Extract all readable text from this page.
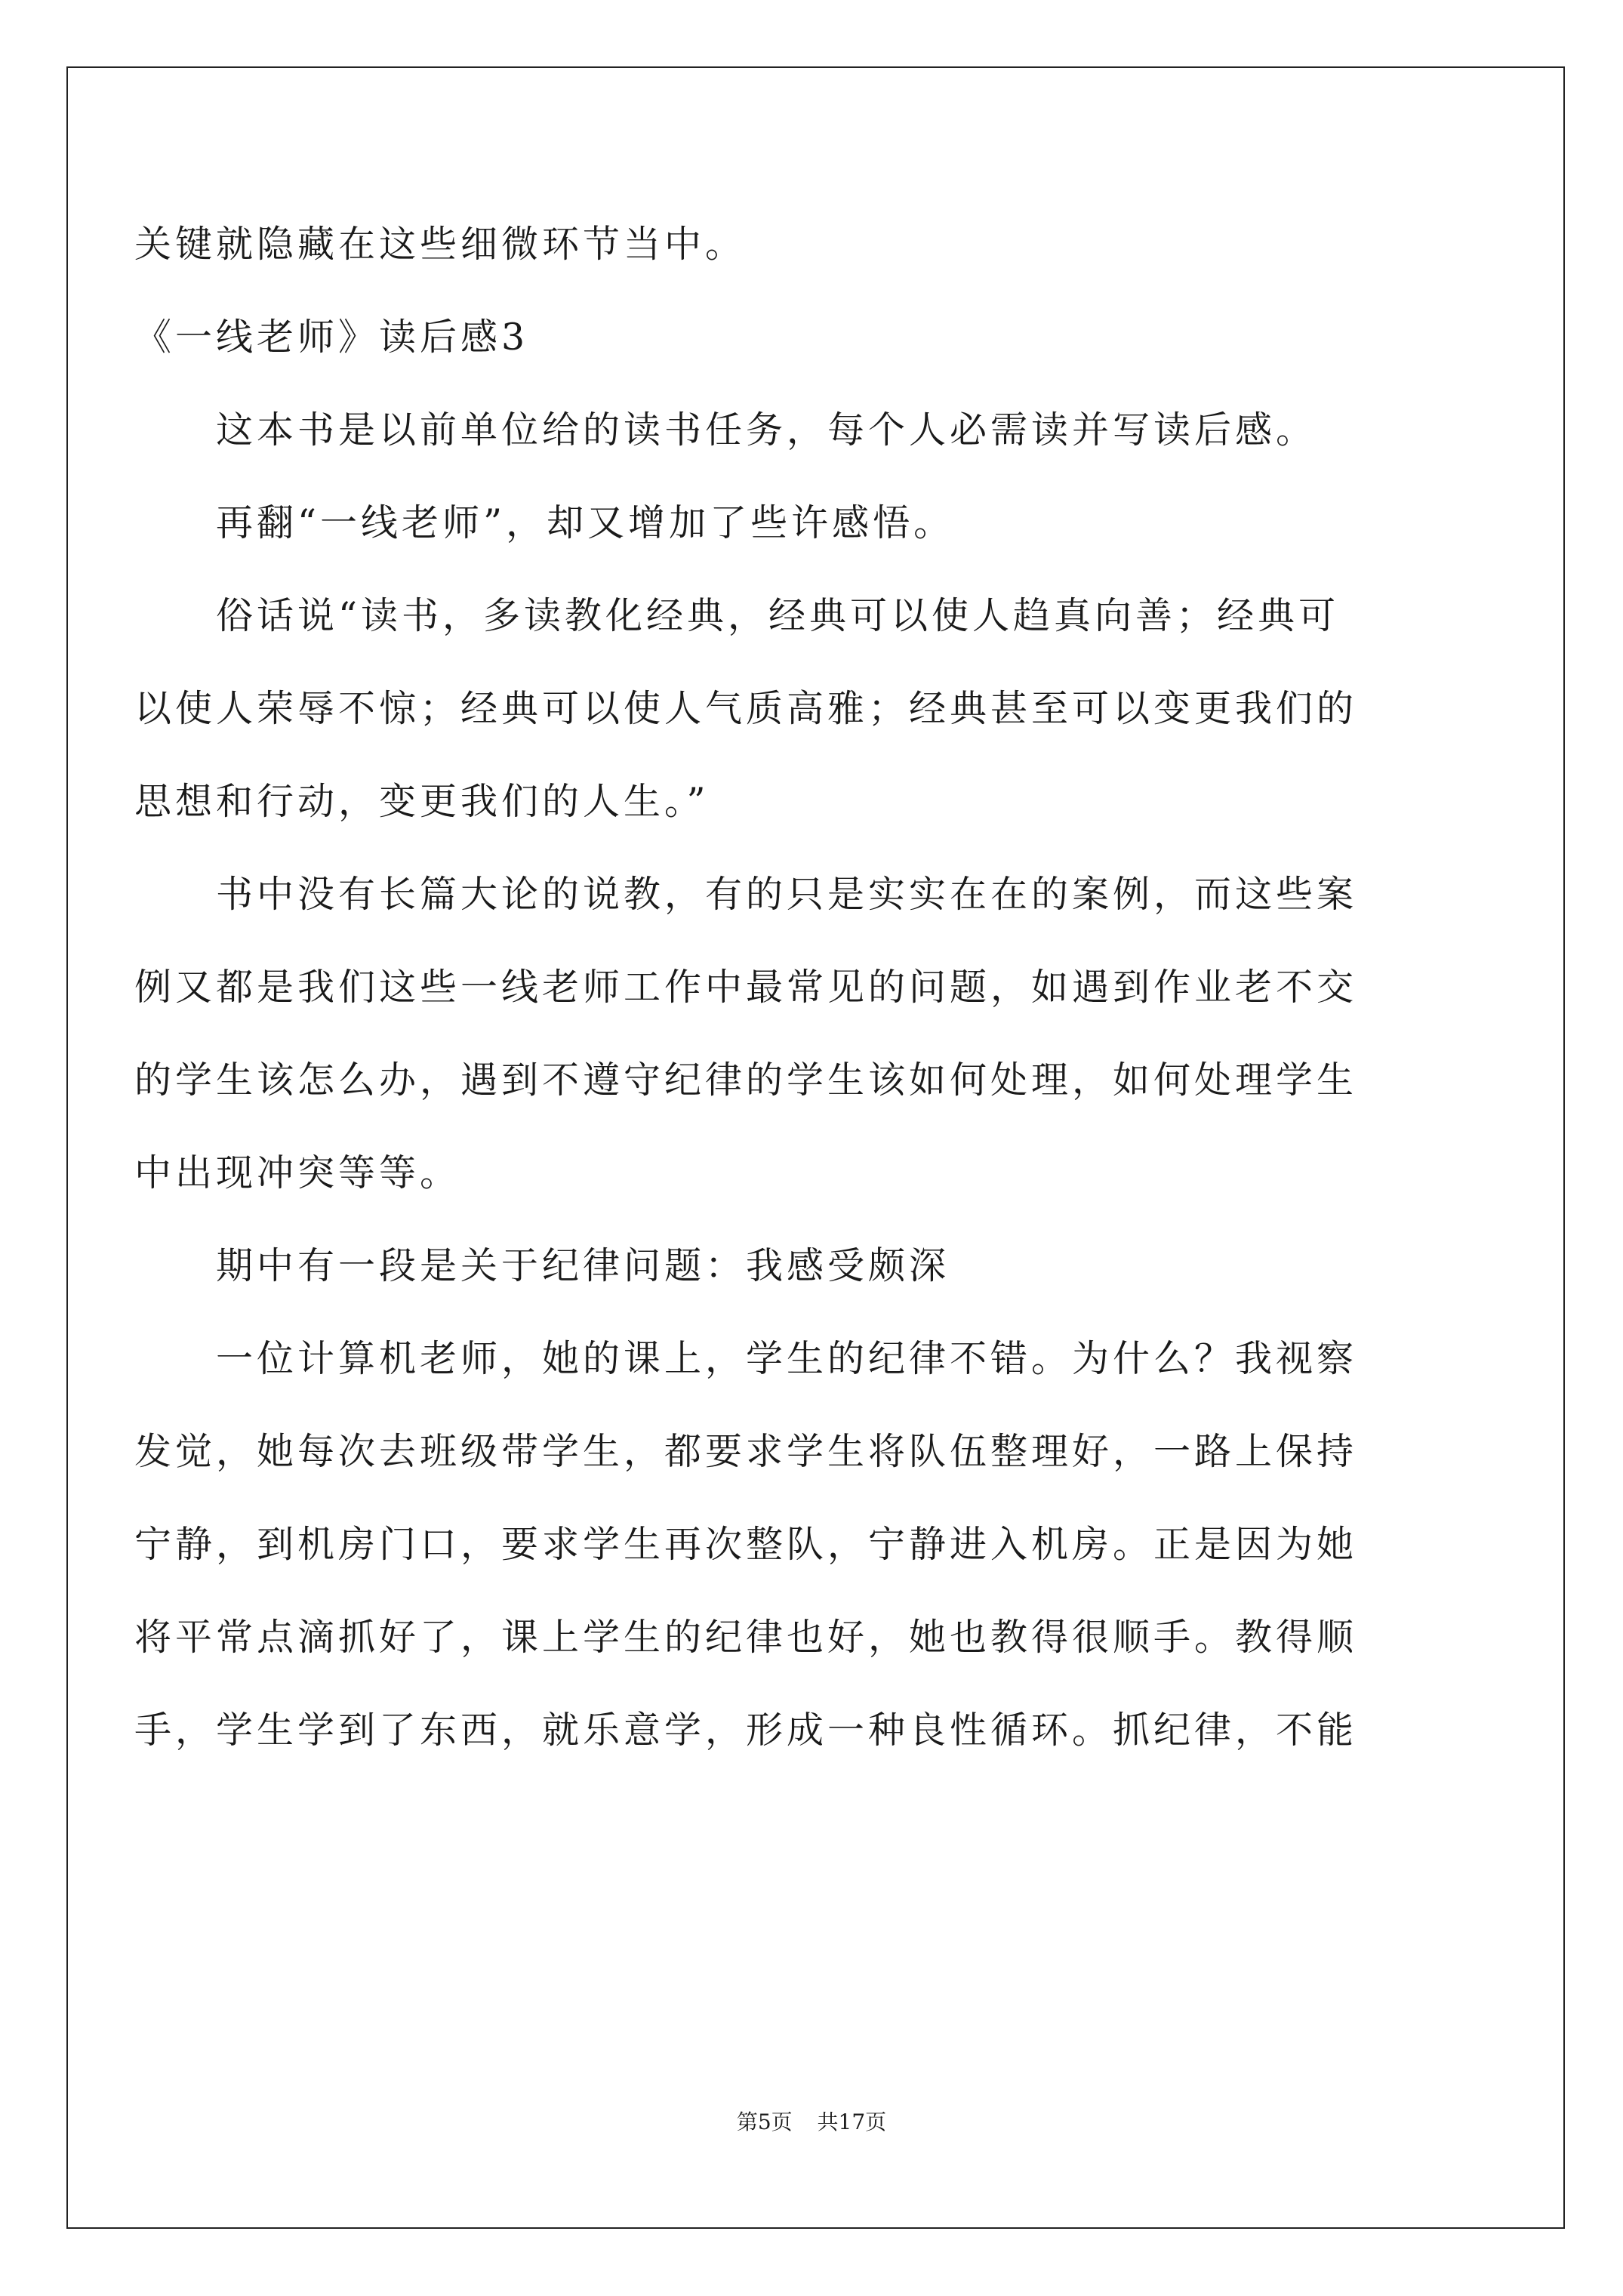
关键就隐藏在这些细微环节当中。
《一线老师》读后感3
这本书是以前单位给的读书任务，每个人必需读并写读后感。
再翻“一线老师”，却又增加了些许感悟。
俗话说“读书，多读教化经典，经典可以使人趋真向善；经典可
以使人荣辱不惊；经典可以使人气质高雅；经典甚至可以变更我们的
思想和行动，变更我们的人生。”
书中没有长篇大论的说教，有的只是实实在在的案例，而这些案
例又都是我们这些一线老师工作中最常见的问题，如遇到作业老不交
的学生该怎么办，遇到不遵守纪律的学生该如何处理，如何处理学生
中出现冲突等等。
期中有一段是关于纪律问题：我感受颇深
一位计算机老师，她的课上，学生的纪律不错。为什么？我视察
发觉，她每次去班级带学生，都要求学生将队伍整理好，一路上保持
宁静，到机房门口，要求学生再次整队，宁静进入机房。正是因为她
将平常点滴抓好了，课上学生的纪律也好，她也教得很顺手。教得顺
手，学生学到了东西，就乐意学，形成一种良性循环。抓纪律，不能
第5页 共17页
